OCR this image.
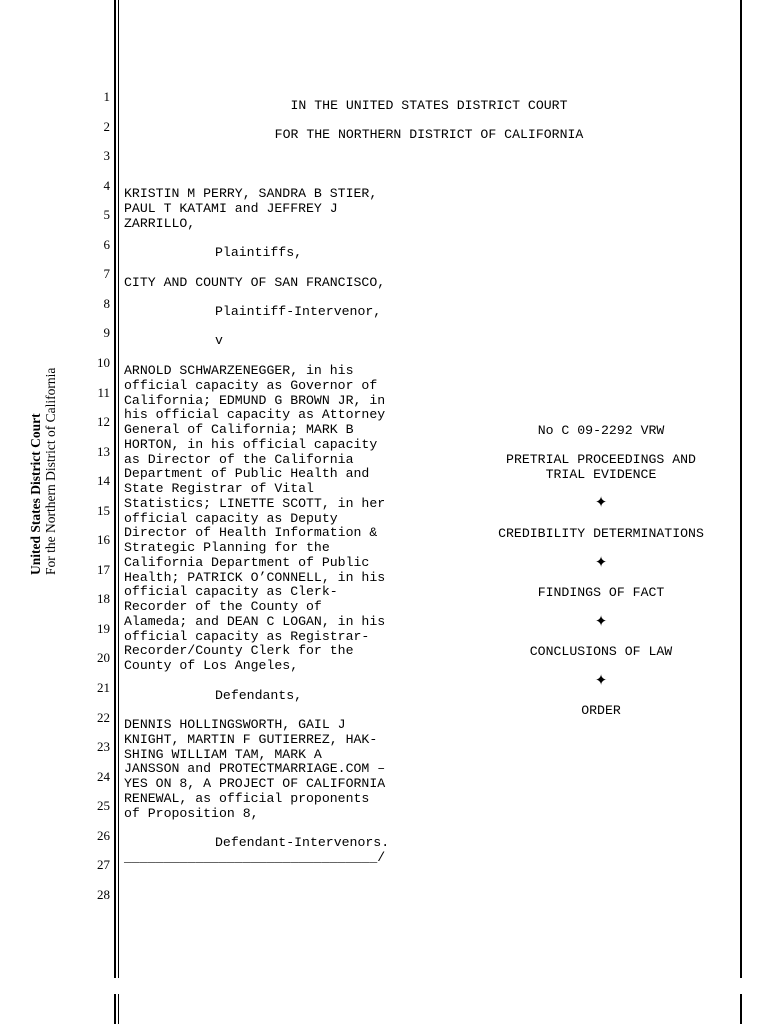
United States District Court For the Northern District of California
1
2
3
4
5
6
7
8
9
10
11
12
13
14
15
16
17
18
19
20
21
22
23
24
25
26
27
28
IN THE UNITED STATES DISTRICT COURT
FOR THE NORTHERN DISTRICT OF CALIFORNIA
KRISTIN M PERRY, SANDRA B STIER,
PAUL T KATAMI and JEFFREY J
ZARRILLO,
Plaintiffs,
CITY AND COUNTY OF SAN FRANCISCO,
Plaintiff-Intervenor,
v
ARNOLD SCHWARZENEGGER, in his
official capacity as Governor of
California; EDMUND G BROWN JR, in
his official capacity as Attorney
General of California; MARK B
HORTON, in his official capacity
as Director of the California
Department of Public Health and
State Registrar of Vital
Statistics; LINETTE SCOTT, in her
official capacity as Deputy
Director of Health Information &
Strategic Planning for the
California Department of Public
Health; PATRICK O’CONNELL, in his
official capacity as Clerk-
Recorder of the County of
Alameda; and DEAN C LOGAN, in his
official capacity as Registrar-
Recorder/County Clerk for the
County of Los Angeles,
Defendants,
DENNIS HOLLINGSWORTH, GAIL J
KNIGHT, MARTIN F GUTIERREZ, HAK-
SHING WILLIAM TAM, MARK A
JANSSON and PROTECTMARRIAGE.COM –
YES ON 8, A PROJECT OF CALIFORNIA
RENEWAL, as official proponents
of Proposition 8,
Defendant-Intervenors.
________________________________/
No C 09-2292 VRW
PRETRIAL PROCEEDINGS AND
TRIAL EVIDENCE
✦
CREDIBILITY DETERMINATIONS
✦
FINDINGS OF FACT
✦
CONCLUSIONS OF LAW
✦
ORDER
